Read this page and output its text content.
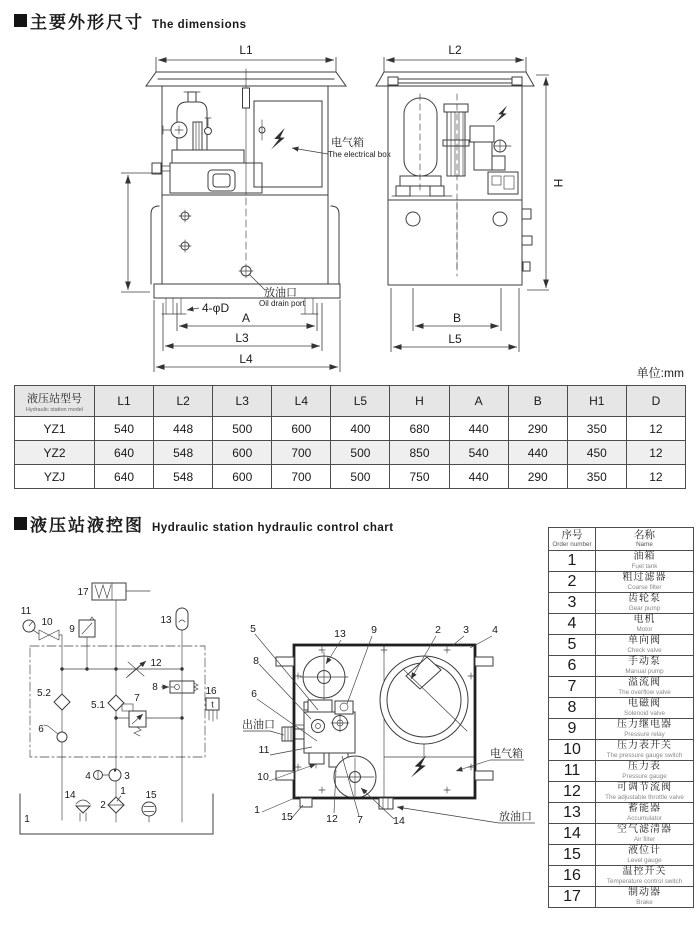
L1
电气箱
The electrical box
放油口
Oil drain port
4-φD
A
L3
L4
L2
H
B
L5
17
11
10
9
13
12
8
5.2
5.1
7
6
t
16
4	3
1
2
14	15
1
5	13 9	2 3 4
8
6
出油口
11
10
1
15	12 7	14
电气箱
放油口
主要外形尺寸 The dimensions
单位:mm
液压站型号
Hydraulic station model	L1	L2	L3	L4	L5	H	A	B	H1	D
YZ1	540	448	500	600	400	680	440	290	350	12
YZ2	640	548	600	700	500	850	540	440	450	12
YZJ	640	548	600	700	500	750	440	290	350	12
液压站液控图 Hydraulic station hydraulic control chart
序号
Order number

名称
Name

1	油箱
Fuel tank

2	粗过滤器
Coarse filter

3	齿轮泵
Gear pump

4	电机
Motor

5	单向阀
Check valve

6	手动泵
Manual pump

7	溢流阀
The overflow valve

8	电磁阀
Solenoid valve

9	压力继电器
Pressure relay

10	压力表开关
The pressure gauge switch

11	压力表
Pressure gauge

12	可调节流阀
The adjustable throttle valve

13	蓄能器
Accumulator

14	空气滤清器
Air filter

15	液位计
Level gauge

16	温控开关
Temperature control switch

17	制动器
Brake
